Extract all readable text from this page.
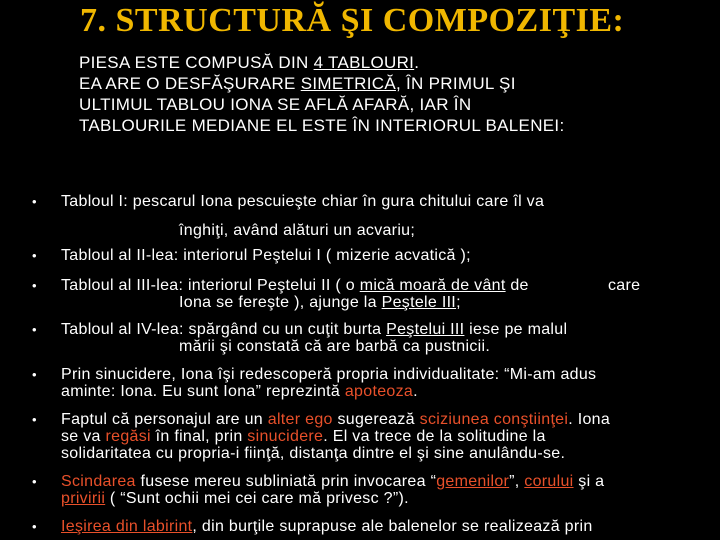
7. STRUCTURĂ ŞI COMPOZIŢIE:
PIESA ESTE COMPUSĂ DIN 4 TABLOURI.
EA ARE O DESFĂŞURARE SIMETRICĂ, ÎN PRIMUL ŞI
ULTIMUL TABLOU IONA SE AFLĂ AFARĂ, IAR ÎN
TABLOURILE MEDIANE EL ESTE ÎN INTERIORUL BALENEI:
• Tabloul I: pescarul Iona pescuieşte chiar în gura chitului care îl va
înghiţi, având alături un acvariu;
• Tabloul al II-lea: interiorul Peştelui I ( mizerie acvatică );
• Tabloul al III-lea: interiorul Peştelui II ( o mică moară de vânt de	care
Iona se fereşte ), ajunge la Peştele III;
• Tabloul al IV-lea: spărgând cu un cuţit burta Peştelui III iese pe malul
mării şi constată că are barbă ca pustnicii.
• Prin sinucidere, Iona îşi redescoperă propria individualitate: “Mi-am adus
aminte: Iona. Eu sunt Iona” reprezintă apoteoza.
• Faptul că personajul are un alter ego sugerează sciziunea conştiinţei. Iona
se va regăsi în final, prin sinucidere. El va trece de la solitudine la
solidaritatea cu propria-i fiinţă, distanţa dintre el şi sine anulându-se.
• Scindarea fusese mereu subliniată prin invocarea “gemenilor”, corului şi a
privirii ( “Sunt ochii mei cei care mă privesc ?”).
• Ieşirea din labirint, din burţile suprapuse ale balenelor se realizează prin
